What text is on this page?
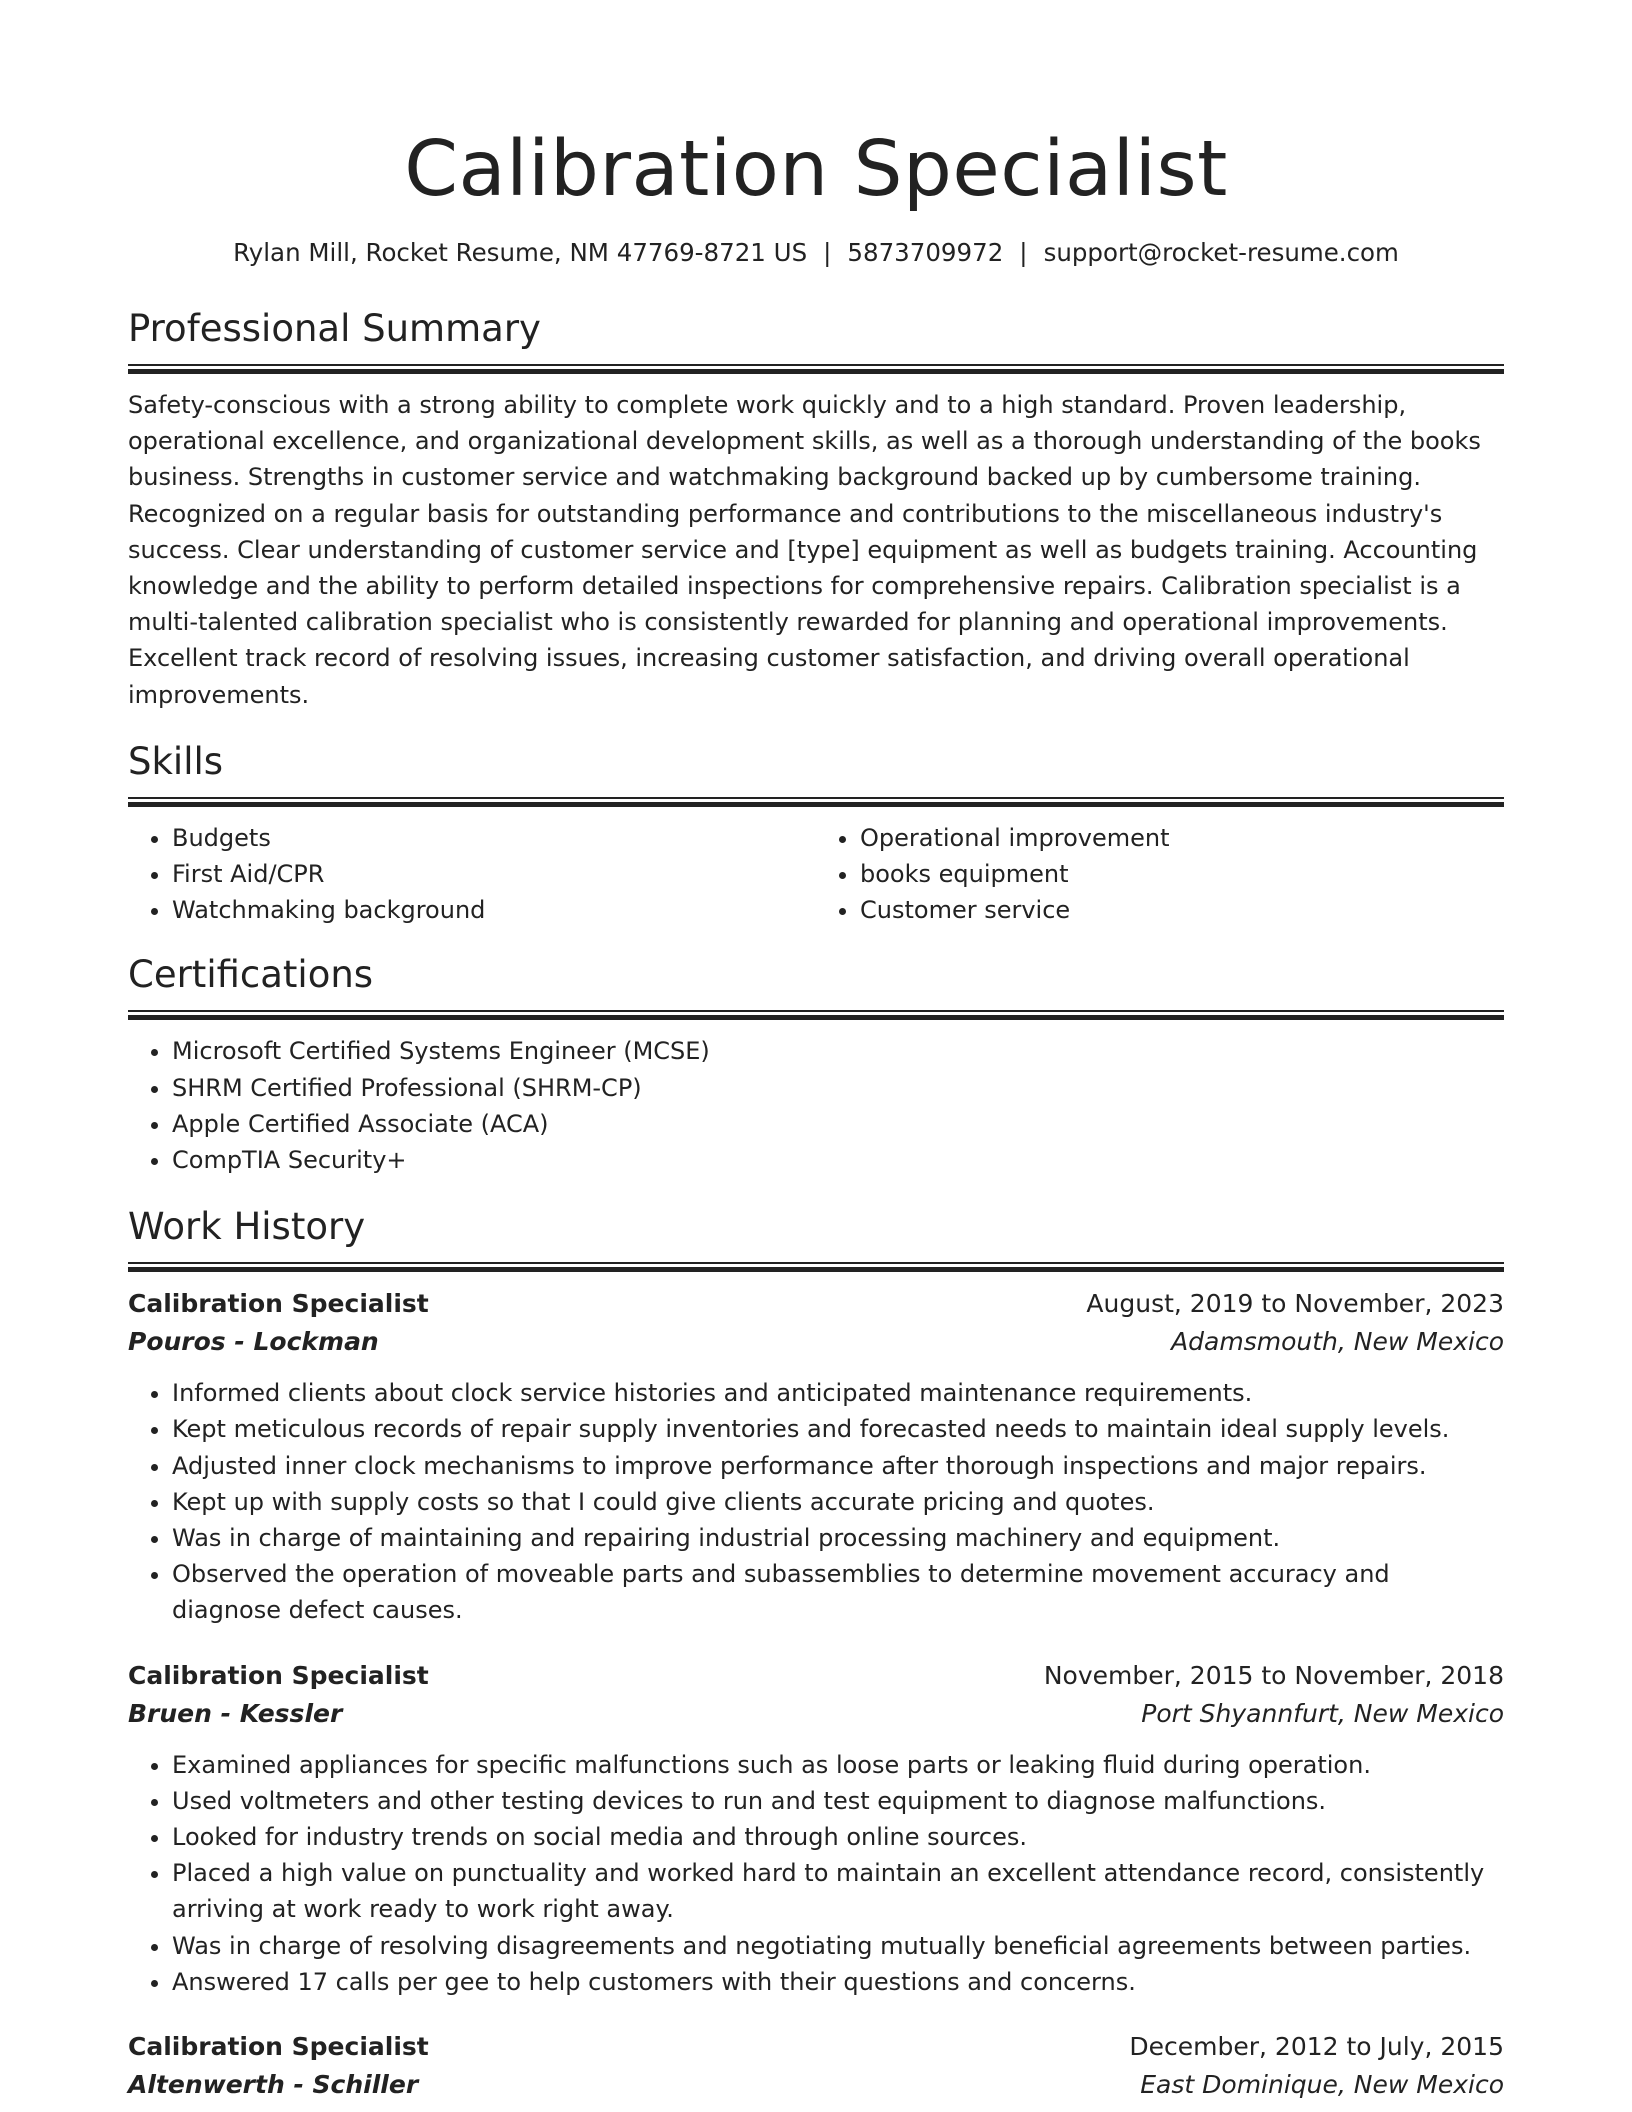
Calibration Specialist
Rylan Mill, Rocket Resume, NM 47769-8721 US | 5873709972 | support@rocket-resume.com
Professional Summary
Safety-conscious with a strong ability to complete work quickly and to a high standard. Proven leadership, operational excellence, and organizational development skills, as well as a thorough understanding of the books business. Strengths in customer service and watchmaking background backed up by cumbersome training. Recognized on a regular basis for outstanding performance and contributions to the miscellaneous industry's success. Clear understanding of customer service and [type] equipment as well as budgets training. Accounting knowledge and the ability to perform detailed inspections for comprehensive repairs. Calibration specialist is a multi-talented calibration specialist who is consistently rewarded for planning and operational improvements. Excellent track record of resolving issues, increasing customer satisfaction, and driving overall operational improvements.
Skills
• Budgets
• First Aid/CPR
• Watchmaking background
• Operational improvement
• books equipment
• Customer service
Certifications
• Microsoft Certified Systems Engineer (MCSE)
• SHRM Certified Professional (SHRM-CP)
• Apple Certified Associate (ACA)
• CompTIA Security+
Work History
Calibration Specialist	August, 2019 to November, 2023
Pouros - Lockman	Adamsmouth, New Mexico
• Informed clients about clock service histories and anticipated maintenance requirements.
• Kept meticulous records of repair supply inventories and forecasted needs to maintain ideal supply levels.
• Adjusted inner clock mechanisms to improve performance after thorough inspections and major repairs.
• Kept up with supply costs so that I could give clients accurate pricing and quotes.
• Was in charge of maintaining and repairing industrial processing machinery and equipment.
• Observed the operation of moveable parts and subassemblies to determine movement accuracy and diagnose defect causes.
Calibration Specialist	November, 2015 to November, 2018
Bruen - Kessler	Port Shyannfurt, New Mexico
• Examined appliances for specific malfunctions such as loose parts or leaking fluid during operation.
• Used voltmeters and other testing devices to run and test equipment to diagnose malfunctions.
• Looked for industry trends on social media and through online sources.
• Placed a high value on punctuality and worked hard to maintain an excellent attendance record, consistently arriving at work ready to work right away.
• Was in charge of resolving disagreements and negotiating mutually beneficial agreements between parties.
• Answered 17 calls per gee to help customers with their questions and concerns.
Calibration Specialist	December, 2012 to July, 2015
Altenwerth - Schiller	East Dominique, New Mexico
